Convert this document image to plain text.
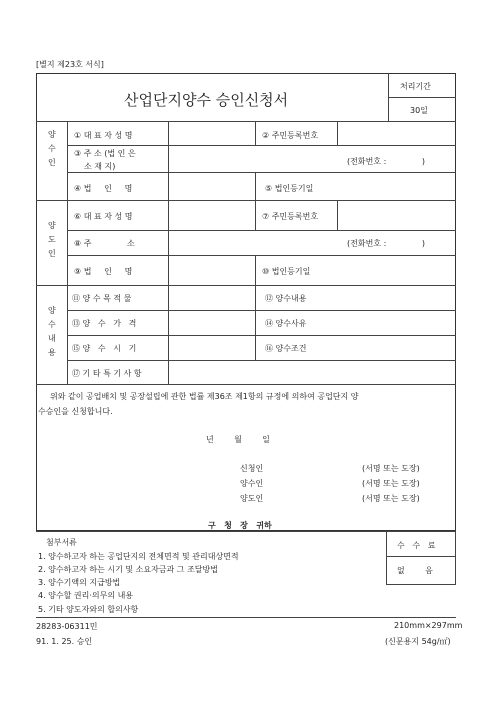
[별지 제23호 서식]
산업단지양수 승인신청서
처리기간
30일
양
수
인
양
도
인
양
수
내
용
① 대 표 자 성 명	② 주민등록번호
③ 주 소 (법 인 은
소 재 지)
(전화번호 :              )
④ 법     인     명	⑤ 법인등기일
⑥ 대 표 자 성 명	⑦ 주민등록번호
⑧ 주              소	(전화번호 :              )
⑨ 법     인     명	⑩ 법인등기일
⑪ 양 수 목 적 물	⑫ 양수내용
⑬ 양   수   가   격	⑭ 양수사유
⑮ 양   수   시   기	⑯ 양수조건
⑰ 기 타 특 기 사 항
위와 같이 공업배치 및 공장설립에 관한 법률 제36조 제1항의 규정에 의하여 공업단지 양
수승인을 신청합니다.
년        월        일
신청인	(서명 또는 도장)
양수인	(서명 또는 도장)
양도인	(서명 또는 도장)
구   청   장   귀하
첨부서류
1. 양수하고자 하는 공업단지의 전체면적 및 관리대상면적
2. 양수하고자 하는 시기 및 소요자금과 그 조달방법
3. 양수기액의 지급방법
4. 양수할 권리·의무의 내용
5. 기타 양도자와의 합의사항
수   수   료
없        음
28283-06311민
91. 1. 25. 승인
210mm×297mm
(신문용지 54g/㎡)
